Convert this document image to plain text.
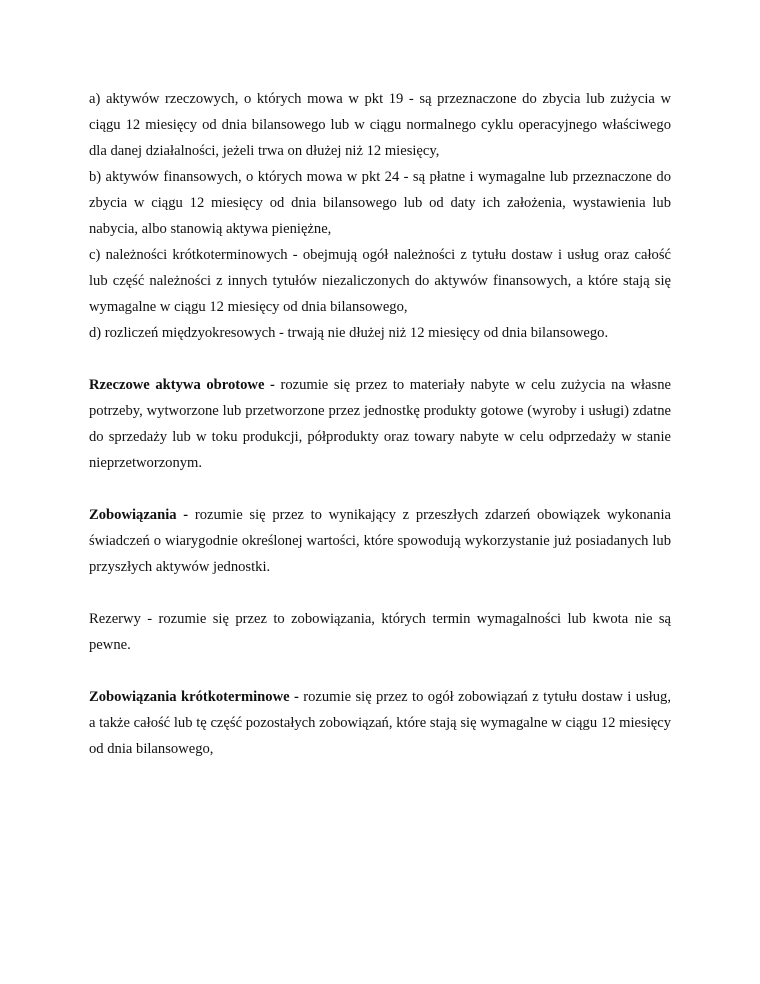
a) aktywów rzeczowych, o których mowa w pkt 19 - są przeznaczone do zbycia lub zużycia w ciągu 12 miesięcy od dnia bilansowego lub w ciągu normalnego cyklu operacyjnego właściwego dla danej działalności, jeżeli trwa on dłużej niż 12 miesięcy,

b) aktywów finansowych, o których mowa w pkt 24 - są płatne i wymagalne lub przeznaczone do zbycia w ciągu 12 miesięcy od dnia bilansowego lub od daty ich założenia, wystawienia lub nabycia, albo stanowią aktywa pieniężne,

c) należności krótkoterminowych - obejmują ogół należności z tytułu dostaw i usług oraz całość lub część należności z innych tytułów niezaliczonych do aktywów finansowych, a które stają się wymagalne w ciągu 12 miesięcy od dnia bilansowego,

d) rozliczeń międzyokresowych - trwają nie dłużej niż 12 miesięcy od dnia bilansowego.

Rzeczowe aktywa obrotowe - rozumie się przez to materiały nabyte w celu zużycia na własne potrzeby, wytworzone lub przetworzone przez jednostkę produkty gotowe (wyroby i usługi) zdatne do sprzedaży lub w toku produkcji, półprodukty oraz towary nabyte w celu odprzedaży w stanie nieprzetworzonym.

Zobowiązania - rozumie się przez to wynikający z przeszłych zdarzeń obowiązek wykonania świadczeń o wiarygodnie określonej wartości, które spowodują wykorzystanie już posiadanych lub przyszłych aktywów jednostki.

Rezerwy - rozumie się przez to zobowiązania, których termin wymagalności lub kwota nie są pewne.

Zobowiązania krótkoterminowe - rozumie się przez to ogół zobowiązań z tytułu dostaw i usług, a także całość lub tę część pozostałych zobowiązań, które stają się wymagalne w ciągu 12 miesięcy od dnia bilansowego,
